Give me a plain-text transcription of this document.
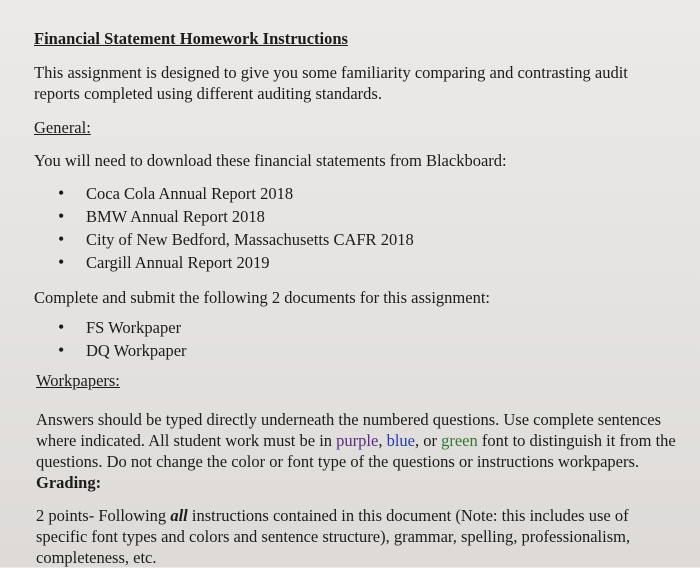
Financial Statement Homework Instructions

This assignment is designed to give you some familiarity comparing and contrasting audit
reports completed using different auditing standards.

General:

You will need to download these financial statements from Blackboard:

• Coca Cola Annual Report 2018
• BMW Annual Report 2018
• City of New Bedford, Massachusetts CAFR 2018
• Cargill Annual Report 2019

Complete and submit the following 2 documents for this assignment:

• FS Workpaper
• DQ Workpaper

Workpapers:

Answers should be typed directly underneath the numbered questions. Use complete sentences
where indicated. All student work must be in purple, blue, or green font to distinguish it from the
questions. Do not change the color or font type of the questions or instructions workpapers.

Grading:

2 points- Following all instructions contained in this document (Note: this includes use of
specific font types and colors and sentence structure), grammar, spelling, professionalism,
completeness, etc.
